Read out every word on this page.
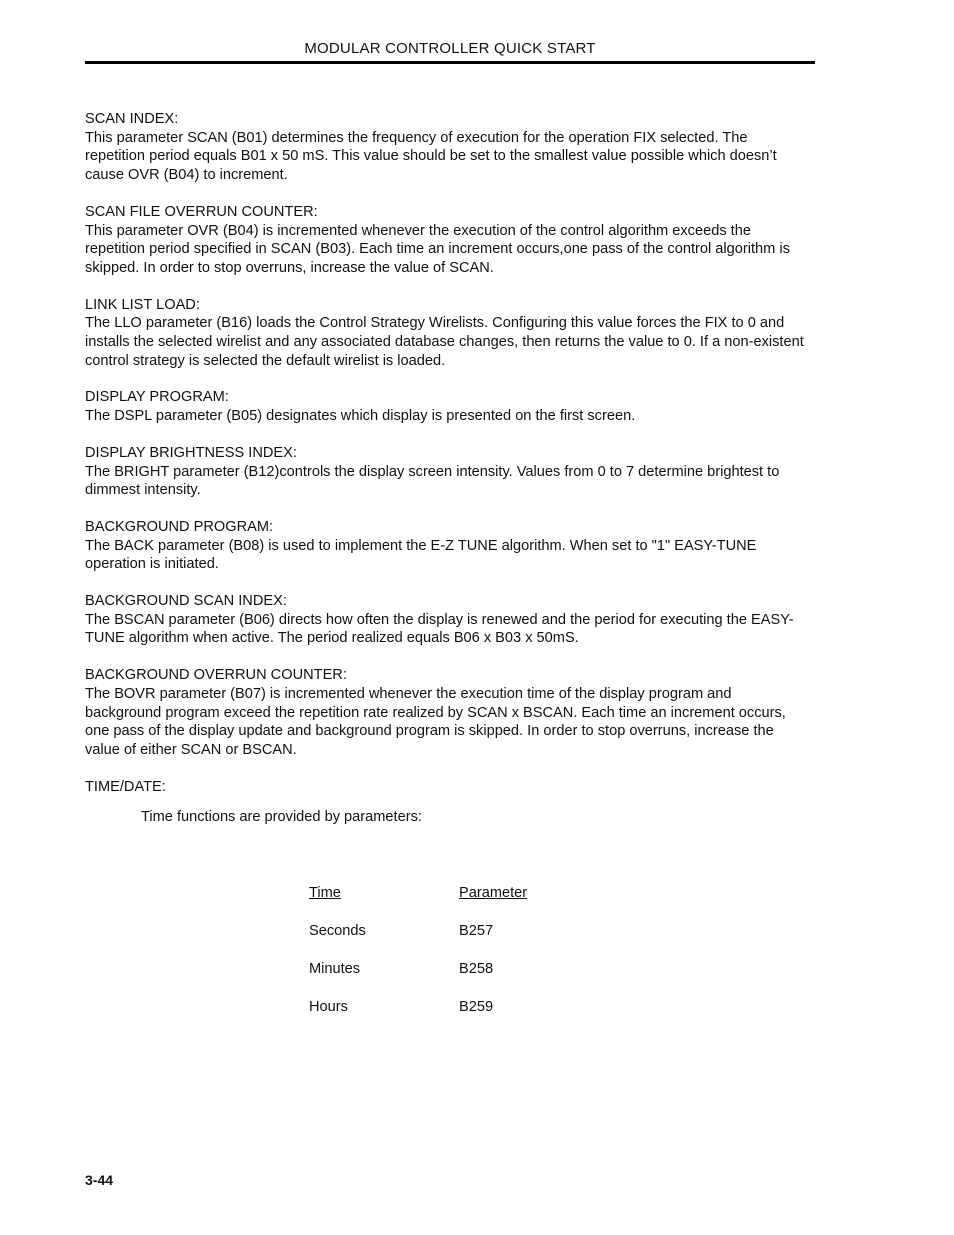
MODULAR CONTROLLER QUICK START
SCAN INDEX:
This parameter SCAN (B01) determines the frequency of execution for the operation FIX selected. The repetition period equals B01 x 50 mS. This value should be set to the smallest value possible which doesn’t cause OVR (B04) to increment.
SCAN FILE OVERRUN COUNTER:
This parameter OVR (B04) is incremented whenever the execution of the control algorithm exceeds the repetition period specified in SCAN (B03). Each time an increment occurs,one pass of the control algorithm is skipped. In order to stop overruns, increase the value of SCAN.
LINK LIST LOAD:
The LLO parameter (B16) loads the Control Strategy Wirelists. Configuring this value forces the FIX to 0 and installs the selected wirelist and any associated database changes, then returns the value to 0. If a non-existent control strategy is selected the default wirelist is loaded.
DISPLAY PROGRAM:
The DSPL parameter (B05) designates which display is presented on the first screen.
DISPLAY BRIGHTNESS INDEX:
The BRIGHT parameter (B12)controls the display screen intensity. Values from 0 to 7 determine brightest to dimmest intensity.
BACKGROUND PROGRAM:
The BACK parameter (B08) is used to implement the E-Z TUNE algorithm. When set to "1" EASY-TUNE operation is initiated.
BACKGROUND SCAN INDEX:
The BSCAN parameter (B06) directs how often the display is renewed and the period for executing the EASY-TUNE algorithm when active. The period realized equals B06 x B03 x 50mS.
BACKGROUND OVERRUN COUNTER:
The BOVR parameter (B07) is incremented whenever the execution time of the display program and background program exceed the repetition rate realized by SCAN x BSCAN. Each time an increment occurs, one pass of the display update and background program is skipped. In order to stop overruns, increase the value of either SCAN or BSCAN.
TIME/DATE:
Time functions are provided by parameters:
Time	Parameter
Seconds	B257
Minutes	B258
Hours	B259
3-44
